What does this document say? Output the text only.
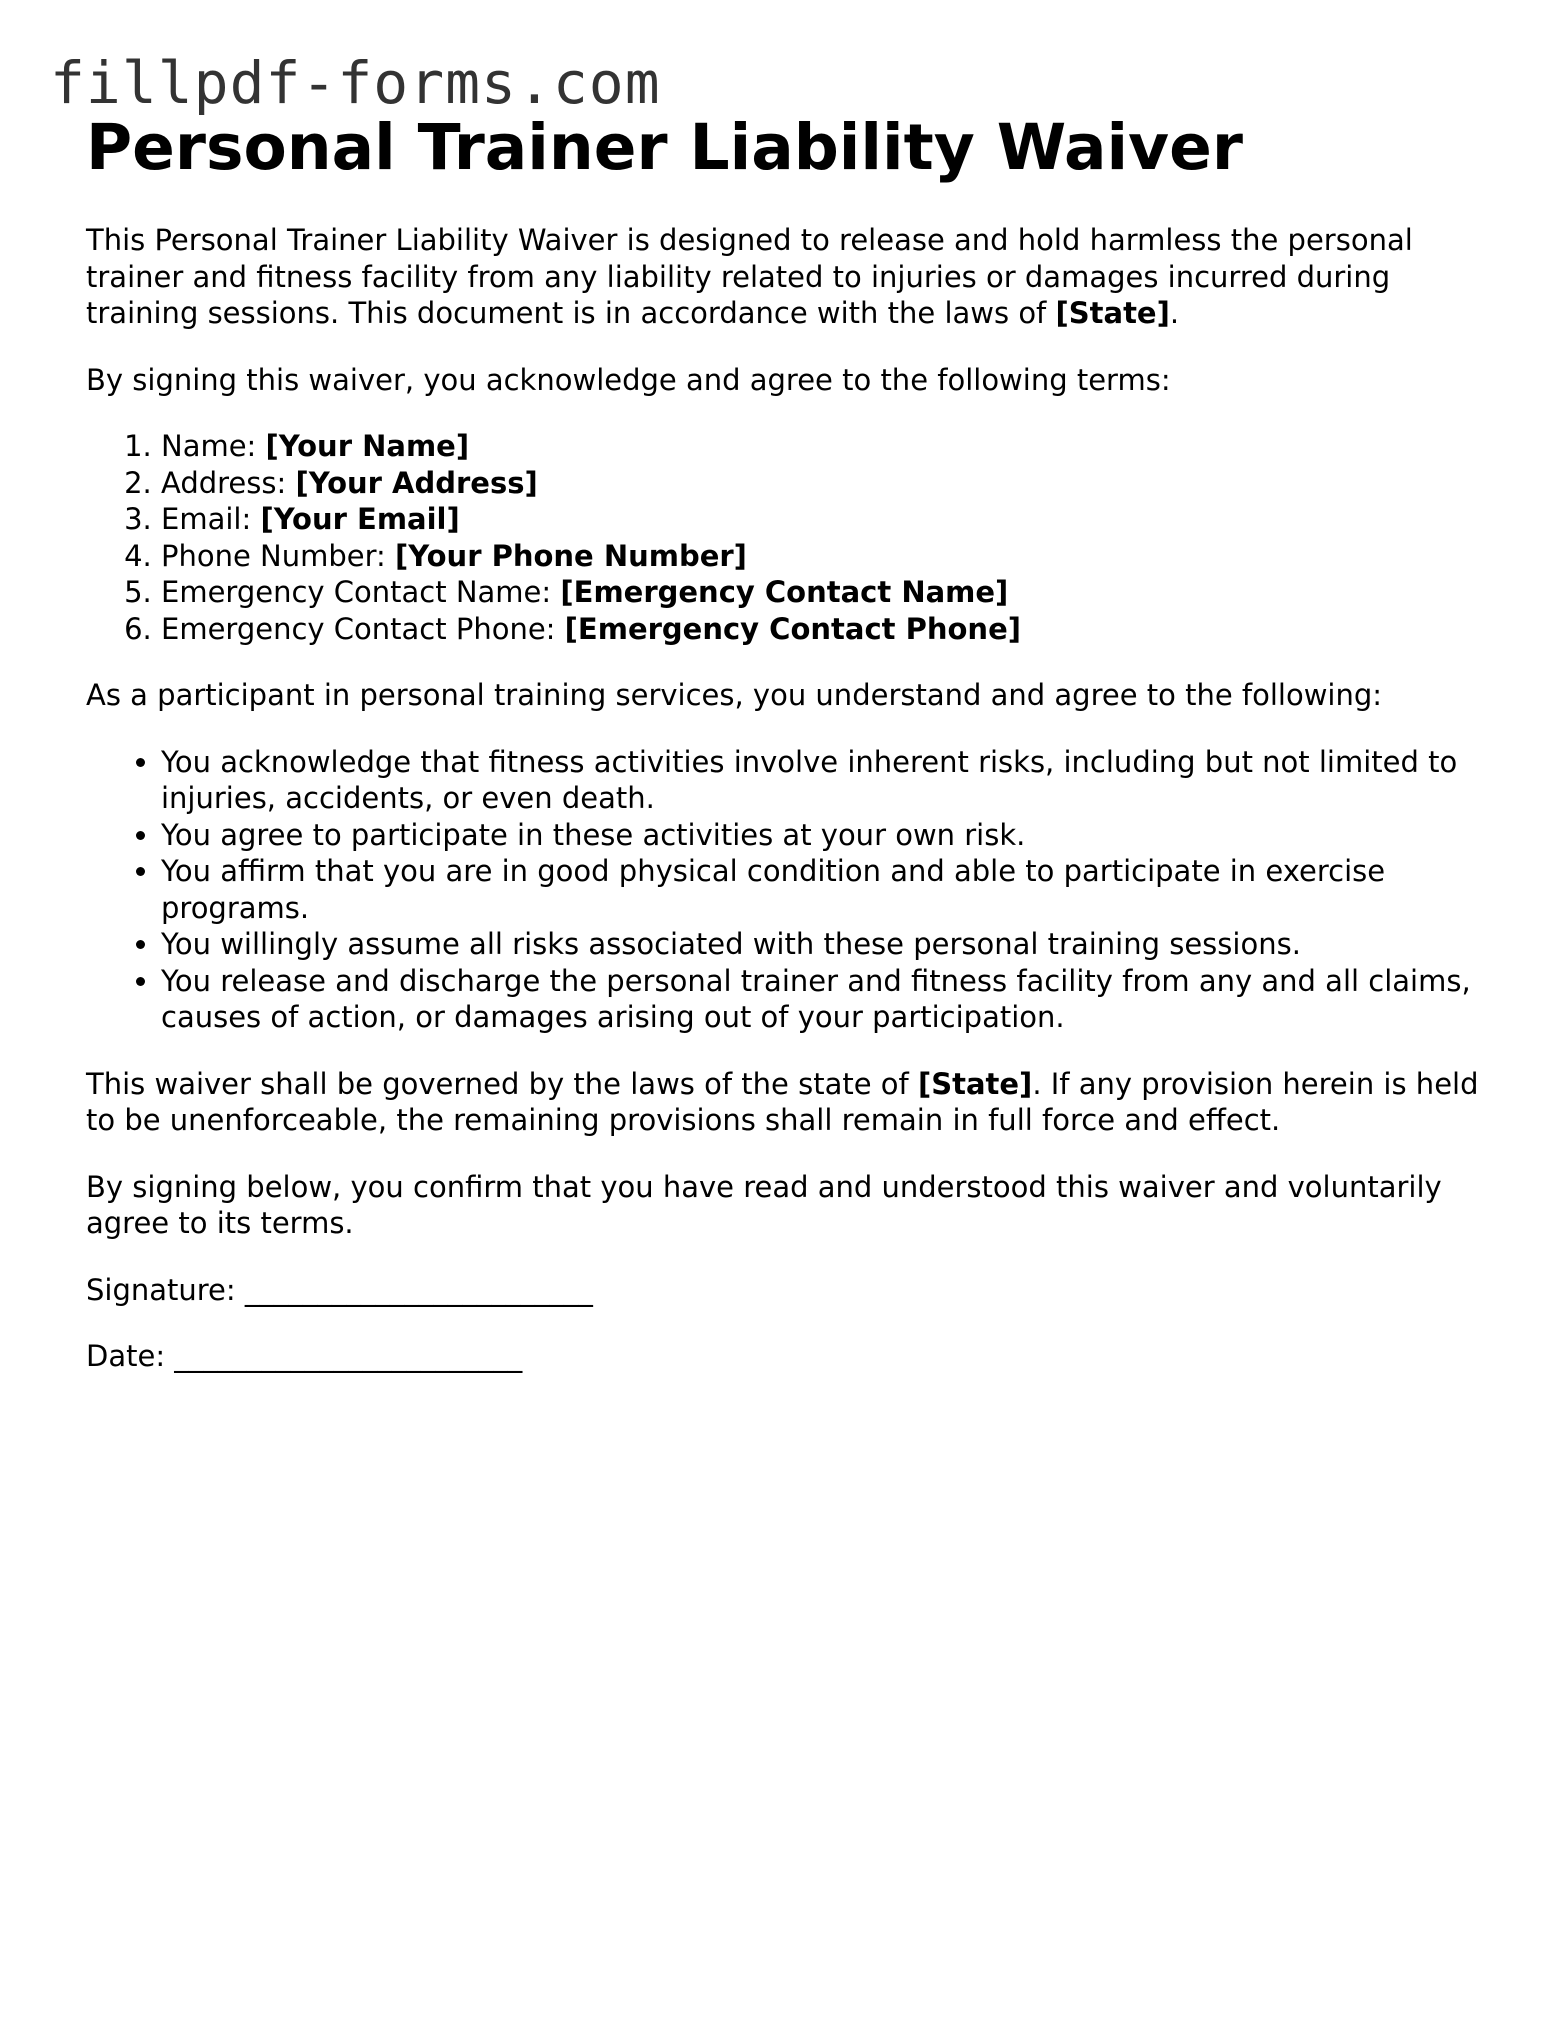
fillpdf-forms.com
Personal Trainer Liability Waiver

This Personal Trainer Liability Waiver is designed to release and hold harmless the personal trainer and fitness facility from any liability related to injuries or damages incurred during training sessions. This document is in accordance with the laws of [State].

By signing this waiver, you acknowledge and agree to the following terms:

1. Name: [Your Name]
2. Address: [Your Address]
3. Email: [Your Email]
4. Phone Number: [Your Phone Number]
5. Emergency Contact Name: [Emergency Contact Name]
6. Emergency Contact Phone: [Emergency Contact Phone]

As a participant in personal training services, you understand and agree to the following:

• You acknowledge that fitness activities involve inherent risks, including but not limited to injuries, accidents, or even death.
• You agree to participate in these activities at your own risk.
• You affirm that you are in good physical condition and able to participate in exercise programs.
• You willingly assume all risks associated with these personal training sessions.
• You release and discharge the personal trainer and fitness facility from any and all claims, causes of action, or damages arising out of your participation.

This waiver shall be governed by the laws of the state of [State]. If any provision herein is held to be unenforceable, the remaining provisions shall remain in full force and effect.

By signing below, you confirm that you have read and understood this waiver and voluntarily agree to its terms.

Signature: ________________________

Date: ________________________
